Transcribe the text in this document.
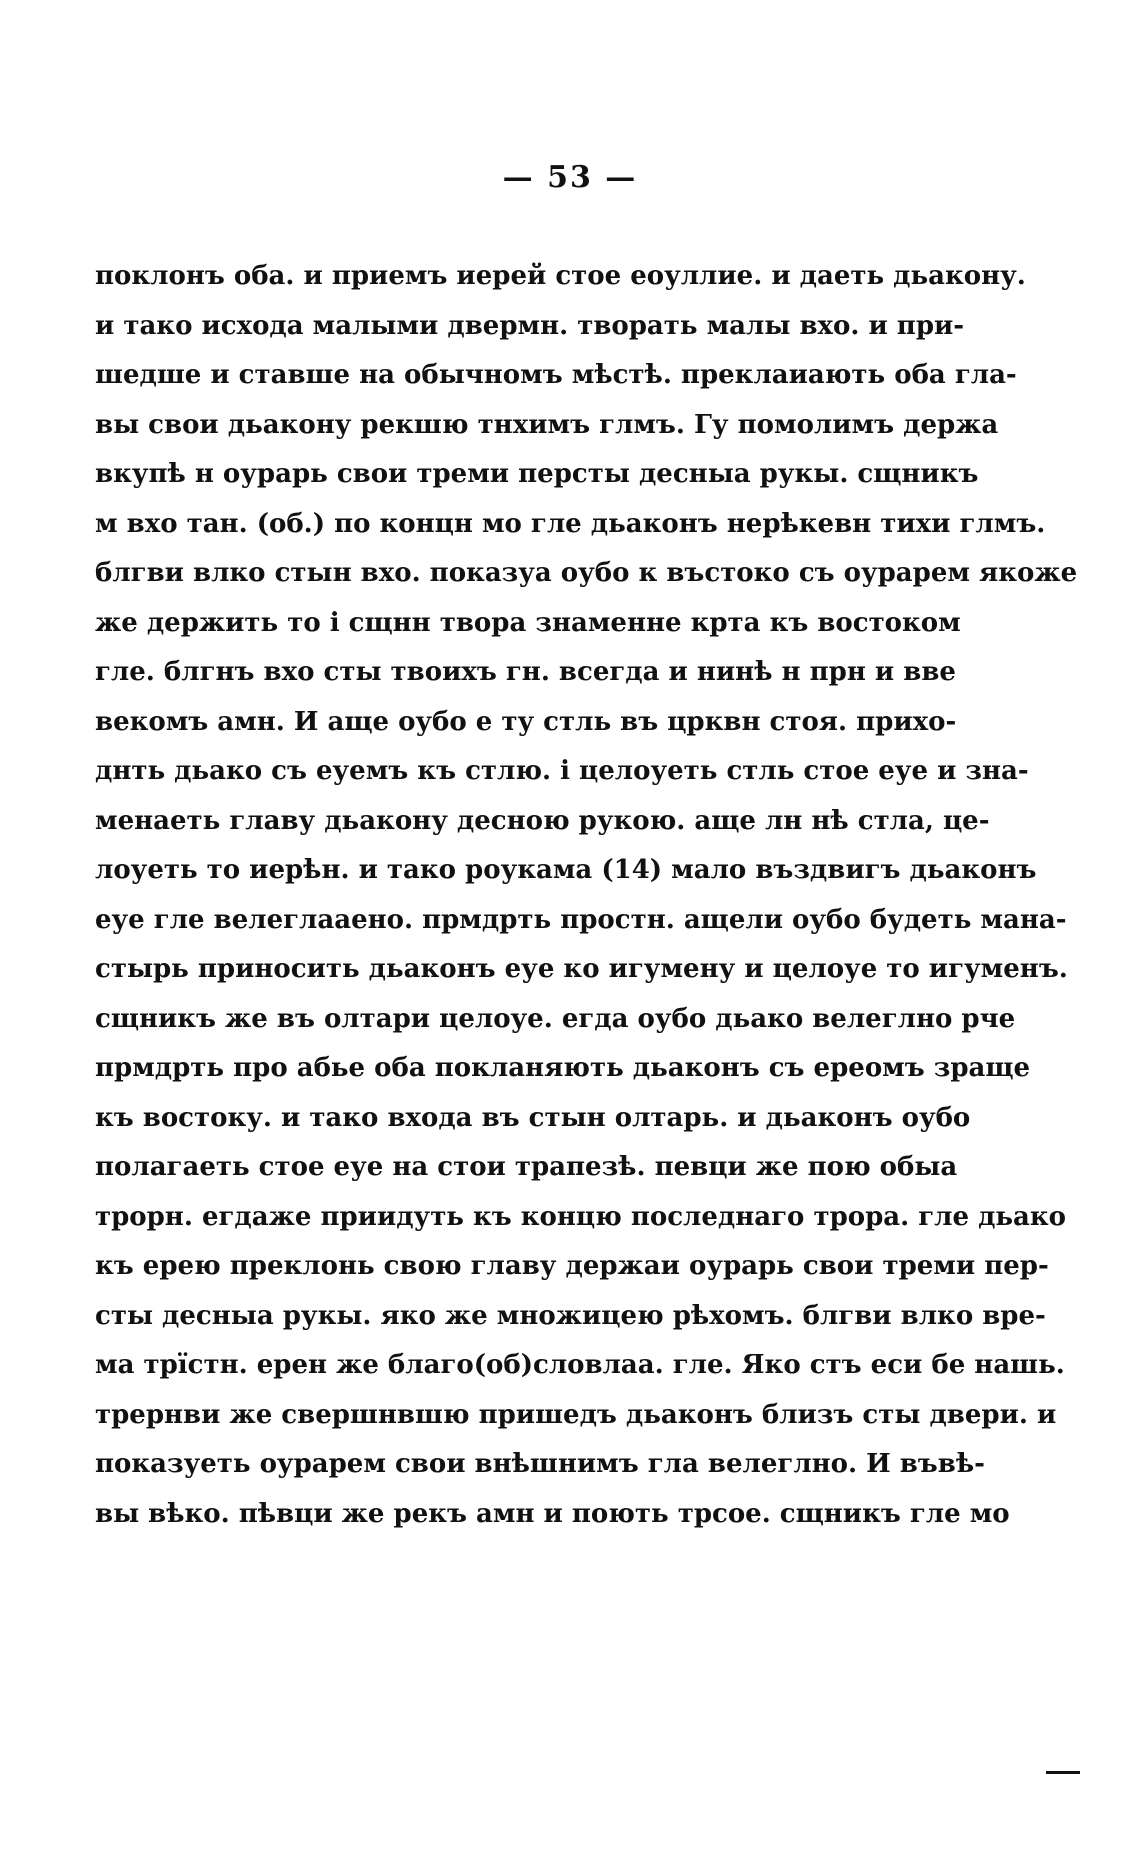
— 53 —
поклонъ оба. и приемъ иерей стое еоуллие. и даеть дьакону.
и тако исхода малыми двермн. творать малы вхо. и при-
шедше и ставше на обычномъ мѣстѣ. преклаиають оба гла-
вы свои дьакону рекшю тнхимъ глмъ. Гу помолимъ держа
вкупѣ н оурарь свои треми персты десныа рукы. сщникъ
м вхо тан. (об.) по концн мо гле дьаконъ нерѣкевн тихи глмъ.
блгви влко стын вхо. показуа оубо к въстоко съ оурарем якоже
же держить то і сщнн твора знаменне крта къ востоком
гле. блгнъ вхо сты твоихъ гн. всегда и нинѣ н прн и вве
векомъ амн. И аще оубо е ту стль въ црквн стоя. прихо-
днть дьако съ еуемъ къ стлю. і целоуеть стль стое еуе и зна-
менаеть главу дьакону десною рукою. аще лн нѣ стла, це-
лоуеть то иерѣн. и тако роукама (14) мало въздвигъ дьаконъ
еуе гле велеглааено. прмдрть простн. ащели оубо будеть мана-
стырь приносить дьаконъ еуе ко игумену и целоуе то игуменъ.
сщникъ же въ олтари целоуе. егда оубо дьако велеглно рче
прмдрть про абье оба покланяють дьаконъ съ ереомъ зраще
къ востоку. и тако входа въ стын олтарь. и дьаконъ оубо
полагаеть стое еуе на стои трапезѣ. певци же пою обыа
трорн. егдаже приидуть къ концю последнаго трора. гле дьако
къ ерею преклонь свою главу держаи оурарь свои треми пер-
сты десныа рукы. яко же множицею рѣхомъ. блгви влко вре-
ма трїстн. ерен же благо(об)словлаа. гле. Яко стъ еси бе нашь.
трернви же свершнвшю пришедъ дьаконъ близъ сты двери. и
показуеть оурарем свои внѣшнимъ гла велеглно. И въвѣ-
вы вѣко. пѣвци же рекъ амн и поють трсое. сщникъ гле мо
